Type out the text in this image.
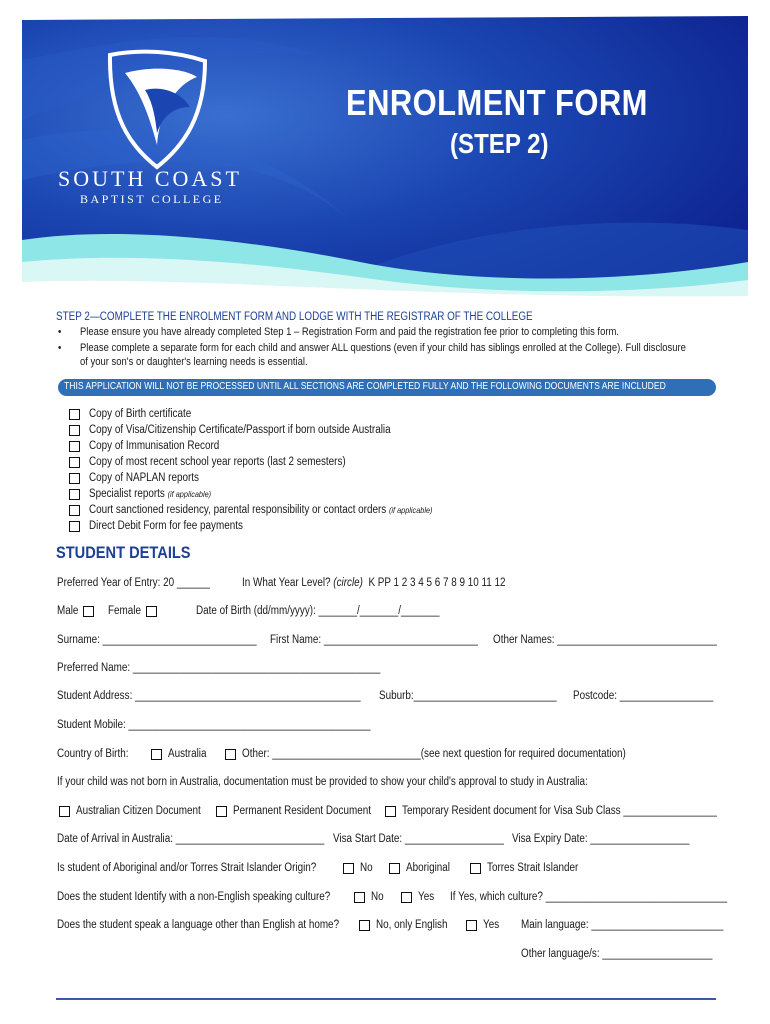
SOUTH COAST
BAPTIST COLLEGE
ENROLMENT FORM
(STEP 2)
STEP 2—COMPLETE THE ENROLMENT FORM AND LODGE WITH THE REGISTRAR OF THE COLLEGE
• Please ensure you have already completed Step 1 – Registration Form and paid the registration fee prior to completing this form.
• Please complete a separate form for each child and answer ALL questions (even if your child has siblings enrolled at the College). Full disclosure
of your son's or daughter's learning needs is essential.
THIS APPLICATION WILL NOT BE PROCESSED UNTIL ALL SECTIONS ARE COMPLETED FULLY AND THE FOLLOWING DOCUMENTS ARE INCLUDED
Copy of Birth certificate
Copy of Visa/Citizenship Certificate/Passport if born outside Australia
Copy of Immunisation Record
Copy of most recent school year reports (last 2 semesters)
Copy of NAPLAN reports
Specialist reports (if applicable)
Court sanctioned residency, parental responsibility or contact orders (if applicable)
Direct Debit Form for fee payments
STUDENT DETAILS
Preferred Year of Entry: 20 ______	In What Year Level? (circle) K PP 1 2 3 4 5 6 7 8 9 10 11 12
Male	Female	Date of Birth (dd/mm/yyyy): _______/_______/_______
Surname: ____________________________ First Name: ____________________________ Other Names: _____________________________
Preferred Name: _____________________________________________
Student Address: _________________________________________ Suburb:__________________________ Postcode: _________________
Student Mobile: ____________________________________________
Country of Birth:	Australia	Other: ___________________________(see next question for required documentation)
If your child was not born in Australia, documentation must be provided to show your child's approval to study in Australia:
Australian Citizen Document	Permanent Resident Document	Temporary Resident document for Visa Sub Class _________________
Date of Arrival in Australia: ___________________________ Visa Start Date: __________________ Visa Expiry Date: __________________
Is student of Aboriginal and/or Torres Strait Islander Origin?	No	Aboriginal	Torres Strait Islander
Does the student Identify with a non-English speaking culture?	No	Yes If Yes, which culture? _________________________________
Does the student speak a language other than English at home?	No, only English	Yes Main language: ________________________
Other language/s: ____________________
